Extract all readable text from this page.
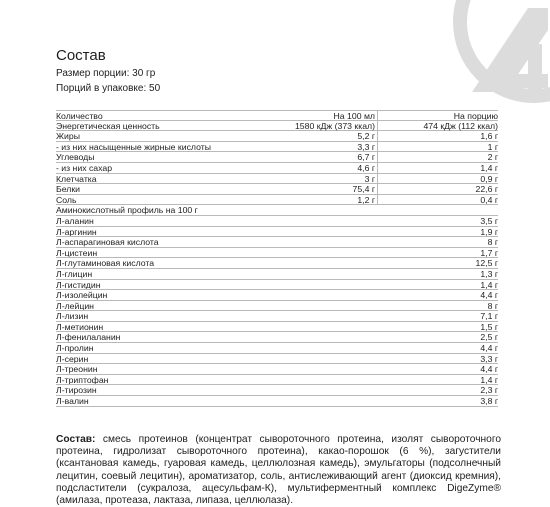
Состав
Размер порции: 30 гр
Порций в упаковке: 50
Количество	На 100 мл	На порцию
Энергетическая ценность	1580 кДж (373 ккал)	474 кДж (112 ккал)
Жиры	5,2 г	1,6 г
- из них насыщенные жирные кислоты	3,3 г	1 г
Углеводы	6,7 г	2 г
- из них сахар	4,6 г	1,4 г
Клетчатка	3 г	0,9 г
Белки	75,4 г	22,6 г
Соль	1,2 г	0,4 г
Аминокислотный профиль на 100 г
Л-аланин	3,5 г
Л-аргинин	1,9 г
Л-аспарагиновая кислота	8 г
Л-цистеин	1,7 г
Л-глутаминовая кислота	12,5 г
Л-глицин	1,3 г
Л-гистидин	1,4 г
Л-изолейцин	4,4 г
Л-лейцин	8 г
Л-лизин	7,1 г
Л-метионин	1,5 г
Л-фенилаланин	2,5 г
Л-пролин	4,4 г
Л-серин	3,3 г
Л-треонин	4,4 г
Л-триптофан	1,4 г
Л-тирозин	2,3 г
Л-валин	3,8 г
Состав: смесь протеинов (концентрат сывороточного протеина, изолят сывороточного протеина, гидролизат сывороточного протеина), какао-порошок (6 %), загустители (ксантановая камедь, гуаровая камедь, целлюлозная камедь), эмульгаторы (подсолнечный лецитин, соевый лецитин), ароматизатор, соль, антислеживающий агент (диоксид кремния), подсластители (сукралоза, ацесульфам-К), мультиферментный комплекс DigeZyme® (амилаза, протеаза, лактаза, липаза, целлюлаза).
